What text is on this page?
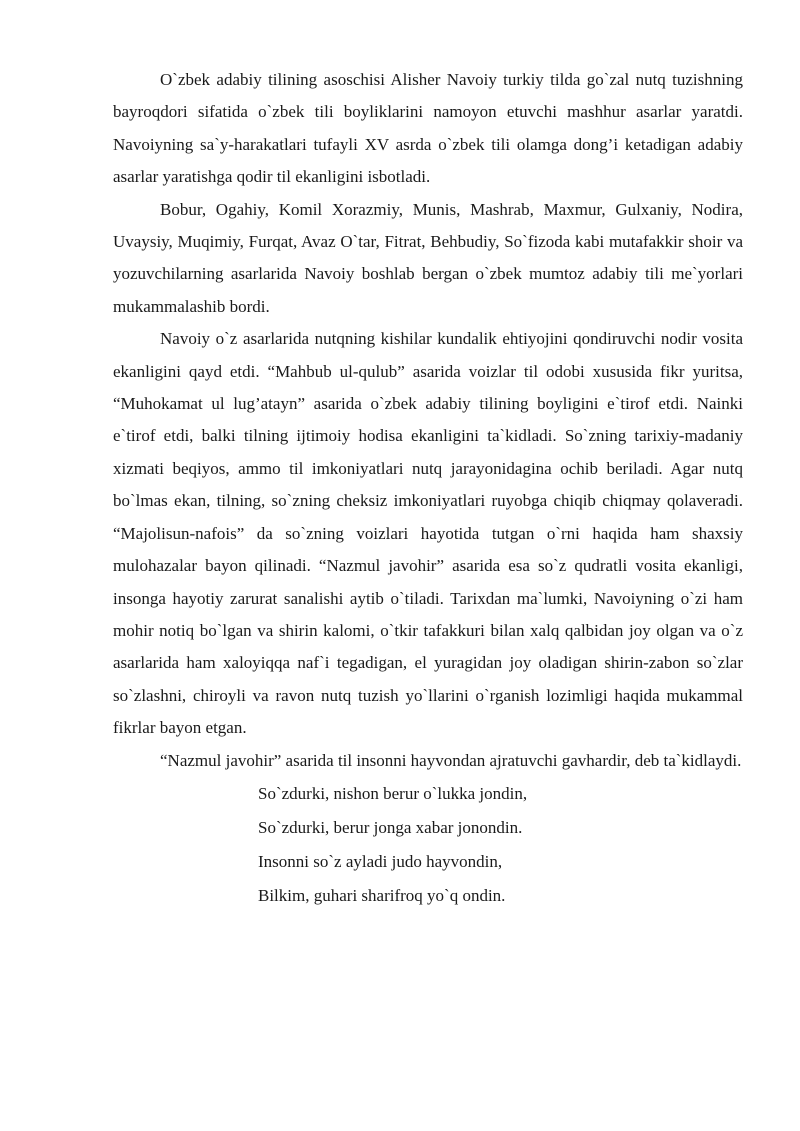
O`zbek adabiy tilining asoschisi Alisher Navoiy turkiy tilda go`zal nutq tuzishning bayroqdori sifatida o`zbek tili boyliklarini namoyon etuvchi mashhur asarlar yaratdi. Navoiyning sa`y-harakatlari tufayli XV asrda o`zbek tili olamga dong’i ketadigan adabiy asarlar yaratishga qodir til ekanligini isbotladi.

Bobur, Ogahiy, Komil Xorazmiy, Munis, Mashrab, Maxmur, Gulxaniy, Nodira, Uvaysiy, Muqimiy, Furqat, Avaz O`tar, Fitrat, Behbudiy, So`fizoda kabi mutafakkir shoir va yozuvchilarning asarlarida Navoiy boshlab bergan o`zbek mumtoz adabiy tili me`yorlari mukammalashib bordi.

Navoiy o`z asarlarida nutqning kishilar kundalik ehtiyojini qondiruvchi nodir vosita ekanligini qayd etdi. “Mahbub ul-qulub” asarida voizlar til odobi xususida fikr yuritsa, “Muhokamat ul lug’atayn” asarida o`zbek adabiy tilining boyligini e`tirof etdi. Nainki e`tirof etdi, balki tilning ijtimoiy hodisa ekanligini ta`kidladi. So`zning tarixiy-madaniy xizmati beqiyos, ammo til imkoniyatlari nutq jarayonidagina ochib beriladi. Agar nutq bo`lmas ekan, tilning, so`zning cheksiz imkoniyatlari ruyobga chiqib chiqmay qolaveradi. “Majolisun-nafois” da so`zning voizlari hayotida tutgan o`rni haqida ham shaxsiy mulohazalar bayon qilinadi. “Nazmul javohir” asarida esa so`z qudratli vosita ekanligi, insonga hayotiy zarurat sanalishi aytib o`tiladi. Tarixdan ma`lumki, Navoiyning o`zi ham mohir notiq bo`lgan va shirin kalomi, o`tkir tafakkuri bilan xalq qalbidan joy olgan va o`z asarlarida ham xaloyiqqa naf`i tegadigan, el yuragidan joy oladigan shirin-zabon so`zlar so`zlashni, chiroyli va ravon nutq tuzish yo`llarini o`rganish lozimligi haqida mukammal fikrlar bayon etgan.

“Nazmul javohir” asarida til insonni hayvondan ajratuvchi gavhardir, deb ta`kidlaydi.

So`zdurki, nishon berur o`lukka jondin,
So`zdurki, berur jonga xabar jonondin.
Insonni so`z ayladi judo hayvondin,
Bilkim, guhari sharifroq yo`q ondin.
